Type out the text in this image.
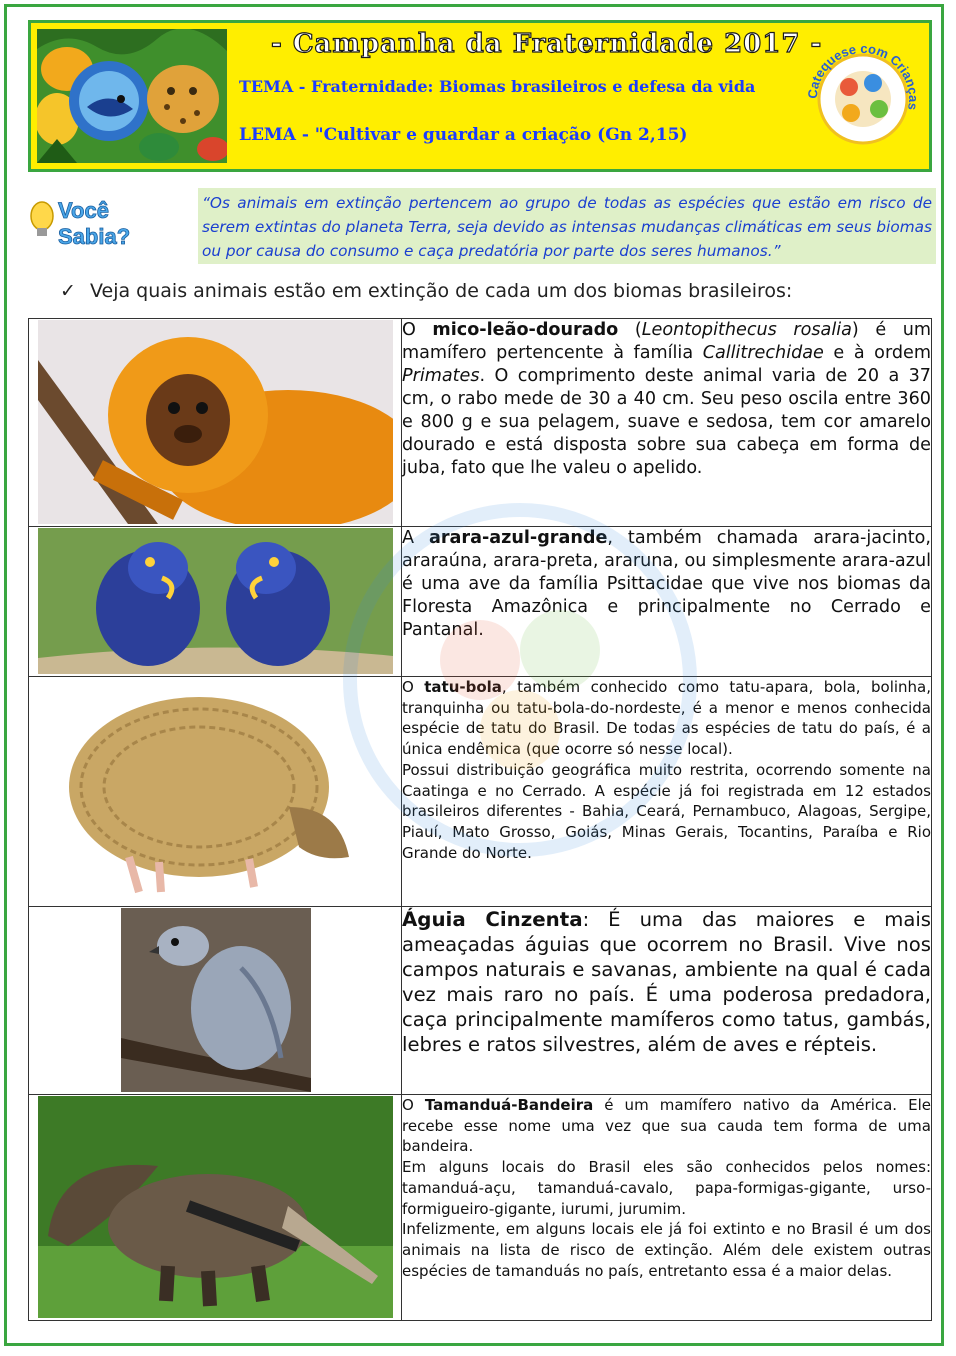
- Campanha da Fraternidade 2017 -
TEMA - Fraternidade: Biomas brasileiros e defesa da vida
LEMA - "Cultivar e guardar a criação (Gn 2,15)
Catequese com Crianças
Você
Sabia?
“Os animais em extinção pertencem ao grupo de todas as espécies que estão em risco de serem extintas do planeta Terra, seja devido as intensas mudanças climáticas em seus biomas ou por causa do consumo e caça predatória por parte dos seres humanos.”
✓ Veja quais animais estão em extinção de cada um dos biomas brasileiros:
	O mico-leão-dourado (Leontopithecus rosalia) é um mamífero pertencente à família Callitrechidae e à ordem Primates. O comprimento deste animal varia de 20 a 37 cm, o rabo mede de 30 a 40 cm. Seu peso oscila entre 360 e 800 g e sua pelagem, suave e sedosa, tem cor amarelo dourado e está disposta sobre sua cabeça em forma de juba, fato que lhe valeu o apelido.

	A arara-azul-grande, também chamada arara-jacinto, araraúna, arara-preta, araruna, ou simplesmente arara-azul é uma ave da família Psittacidae que vive nos biomas da Floresta Amazônica e principalmente no Cerrado e Pantanal.

O tatu-bola, também conhecido como tatu-apara, bola, bolinha, tranquinha ou tatu-bola-do-nordeste, é a menor e menos conhecida espécie de tatu do Brasil. De todas as espécies de tatu do país, é a única endêmica (que ocorre só nesse local).
Possui distribuição geográfica muito restrita, ocorrendo somente na Caatinga e no Cerrado. A espécie já foi registrada em 12 estados brasileiros diferentes - Bahia, Ceará, Pernambuco, Alagoas, Sergipe, Piauí, Mato Grosso, Goiás, Minas Gerais, Tocantins, Paraíba e Rio Grande do Norte.

	Águia Cinzenta: É uma das maiores e mais ameaçadas águias que ocorrem no Brasil. Vive nos campos naturais e savanas, ambiente na qual é cada vez mais raro no país. É uma poderosa predadora, caça principalmente mamíferos como tatus, gambás, lebres e ratos silvestres, além de aves e répteis.

O Tamanduá-Bandeira é um mamífero nativo da América. Ele recebe esse nome uma vez que sua cauda tem forma de uma bandeira.
Em alguns locais do Brasil eles são conhecidos pelos nomes: tamanduá-açu, tamanduá-cavalo, papa-formigas-gigante, urso-formigueiro-gigante, iurumi, jurumim.
Infelizmente, em alguns locais ele já foi extinto e no Brasil é um dos animais na lista de risco de extinção. Além dele existem outras espécies de tamanduás no país, entretanto essa é a maior delas.
